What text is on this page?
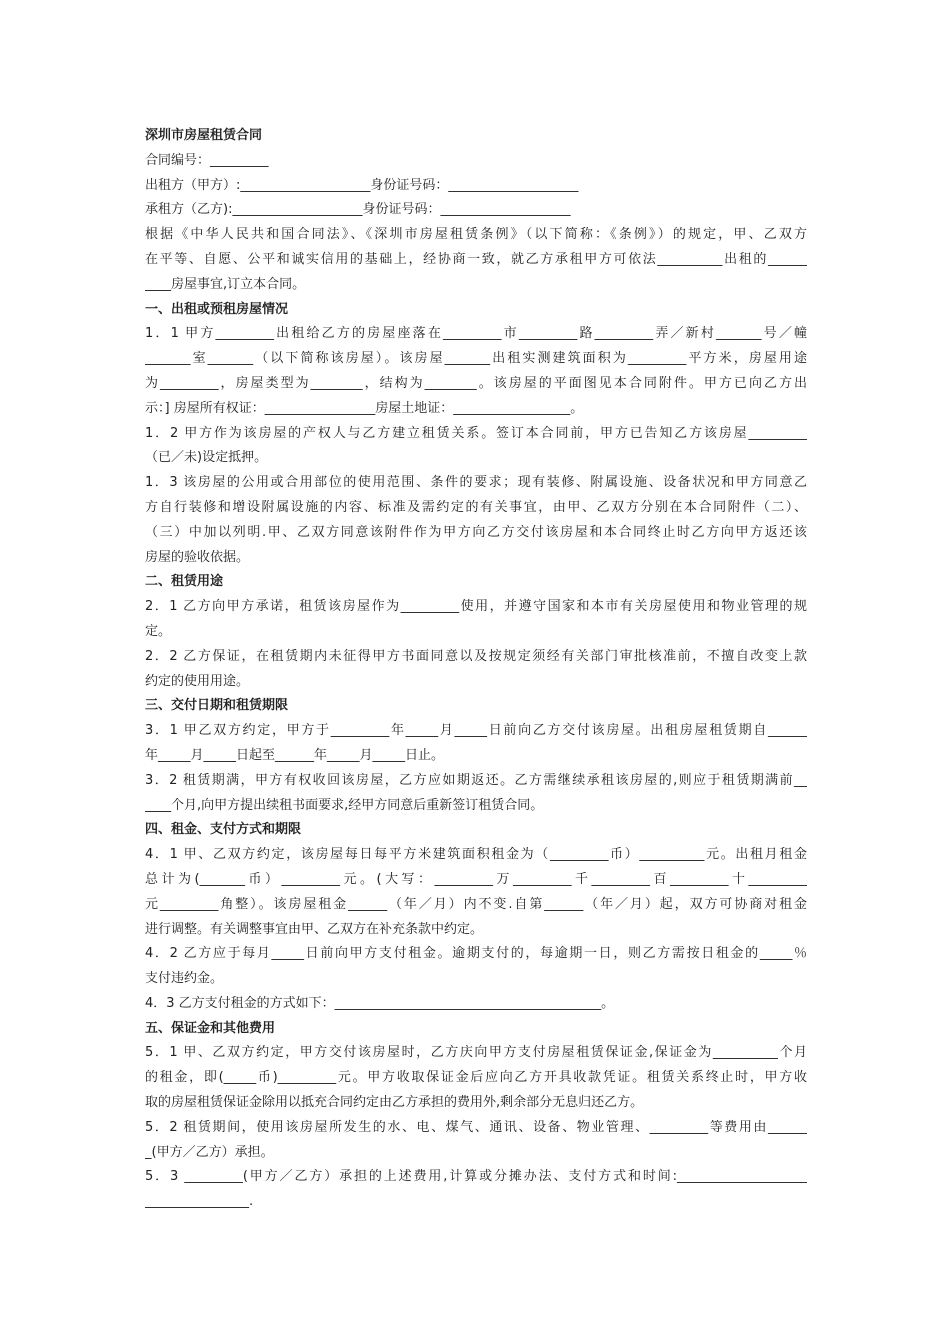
深圳市房屋租赁合同

合同编号：_________

出租方（甲方）:____________________身份证号码：____________________

承租方（乙方):____________________身份证号码：____________________

根据《中华人民共和国合同法》、《深圳市房屋租赁条例》（以下简称：《条例》）的规定，甲、乙双方

在平等、自愿、公平和诚实信用的基础上，经协商一致，就乙方承租甲方可依法__________出租的______

____房屋事宜,订立本合同。

一、出租或预租房屋情况

1．1 甲方_________出租给乙方的房屋座落在_________市_________路_________弄／新村_______号／幢

_______室_______（以下简称该房屋）。该房屋_______出租实测建筑面积为_________平方米，房屋用途

为_________，房屋类型为________，结构为________。该房屋的平面图见本合同附件。甲方已向乙方出

示：] 房屋所有权证：_________________房屋土地证：__________________。

1．2 甲方作为该房屋的产权人与乙方建立租赁关系。签订本合同前，甲方已告知乙方该房屋_________

（已／未)设定抵押。

1．3 该房屋的公用或合用部位的使用范围、条件的要求；现有装修、附属设施、设备状况和甲方同意乙

方自行装修和增设附属设施的内容、标准及需约定的有关事宜，由甲、乙双方分别在本合同附件（二）、

（三）中加以列明.甲、乙双方同意该附件作为甲方向乙方交付该房屋和本合同终止时乙方向甲方返还该

房屋的验收依据。

二、租赁用途

2．1 乙方向甲方承诺，租赁该房屋作为_________使用，并遵守国家和本市有关房屋使用和物业管理的规

定。

2．2 乙方保证，在租赁期内未征得甲方书面同意以及按规定须经有关部门审批核准前，不擅自改变上款

约定的使用用途。

三、交付日期和租赁期限

3．1 甲乙双方约定，甲方于_________年_____月_____日前向乙方交付该房屋。出租房屋租赁期自______

年_____月_____日起至______年_____月_____日止。

3．2 租赁期满，甲方有权收回该房屋，乙方应如期返还。乙方需继续承租该房屋的,则应于租赁期满前__

____个月,向甲方提出续租书面要求,经甲方同意后重新签订租赁合同。

四、租金、支付方式和期限

4．1 甲、乙双方约定，该房屋每日每平方米建筑面积租金为（_________币）__________元。出租月租金

总计为(_______币）_________元。(大写：_________万_________千_________百_________十_________

元_________角整）。该房屋租金______（年／月）内不变.自第______（年／月）起，双方可协商对租金

进行调整。有关调整事宜由甲、乙双方在补充条款中约定。

4．2 乙方应于每月_____日前向甲方支付租金。逾期支付的，每逾期一日，则乙方需按日租金的_____％

支付违约金。

4．3 乙方支付租金的方式如下：_________________________________________。

五、保证金和其他费用

5．1 甲、乙双方约定，甲方交付该房屋时，乙方庆向甲方支付房屋租赁保证金,保证金为__________个月

的租金，即(_____币)_________元。甲方收取保证金后应向乙方开具收款凭证。租赁关系终止时，甲方收

取的房屋租赁保证金除用以抵充合同约定由乙方承担的费用外,剩余部分无息归还乙方。

5．2 租赁期间，使用该房屋所发生的水、电、煤气、通讯、设备、物业管理、_________等费用由______

_(甲方／乙方）承担。

5．3 _________(甲方／乙方）承担的上述费用,计算或分摊办法、支付方式和时间:____________________

________________.
